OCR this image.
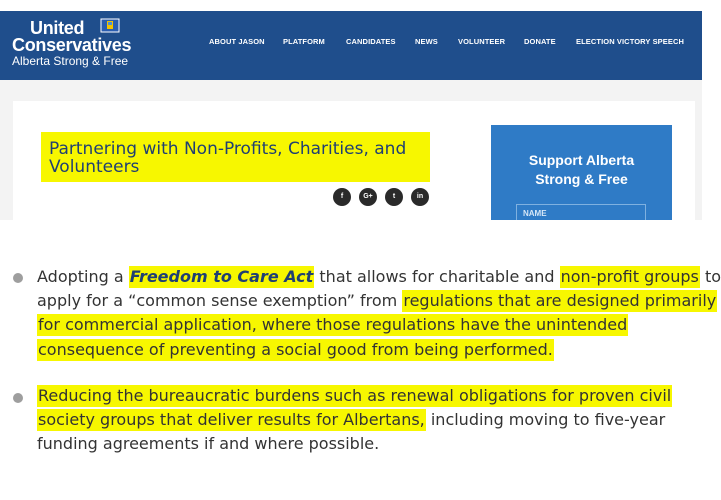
United
Conservatives
Alberta Strong & Free
ABOUT JASON PLATFORM	CANDIDATES	NEWS	VOLUNTEER	DONATE	ELECTION VICTORY SPEECH
Partnering with Non-Profits, Charities, and Volunteers
f	G+	t	in
Support Alberta
Strong & Free
NAME
Adopting a Freedom to Care Act that allows for charitable and non-profit groups to
apply for a “common sense exemption” from regulations that are designed primarily
for commercial application, where those regulations have the unintended
consequence of preventing a social good from being performed.
Reducing the bureaucratic burdens such as renewal obligations for proven civil
society groups that deliver results for Albertans, including moving to five-year
funding agreements if and where possible.
